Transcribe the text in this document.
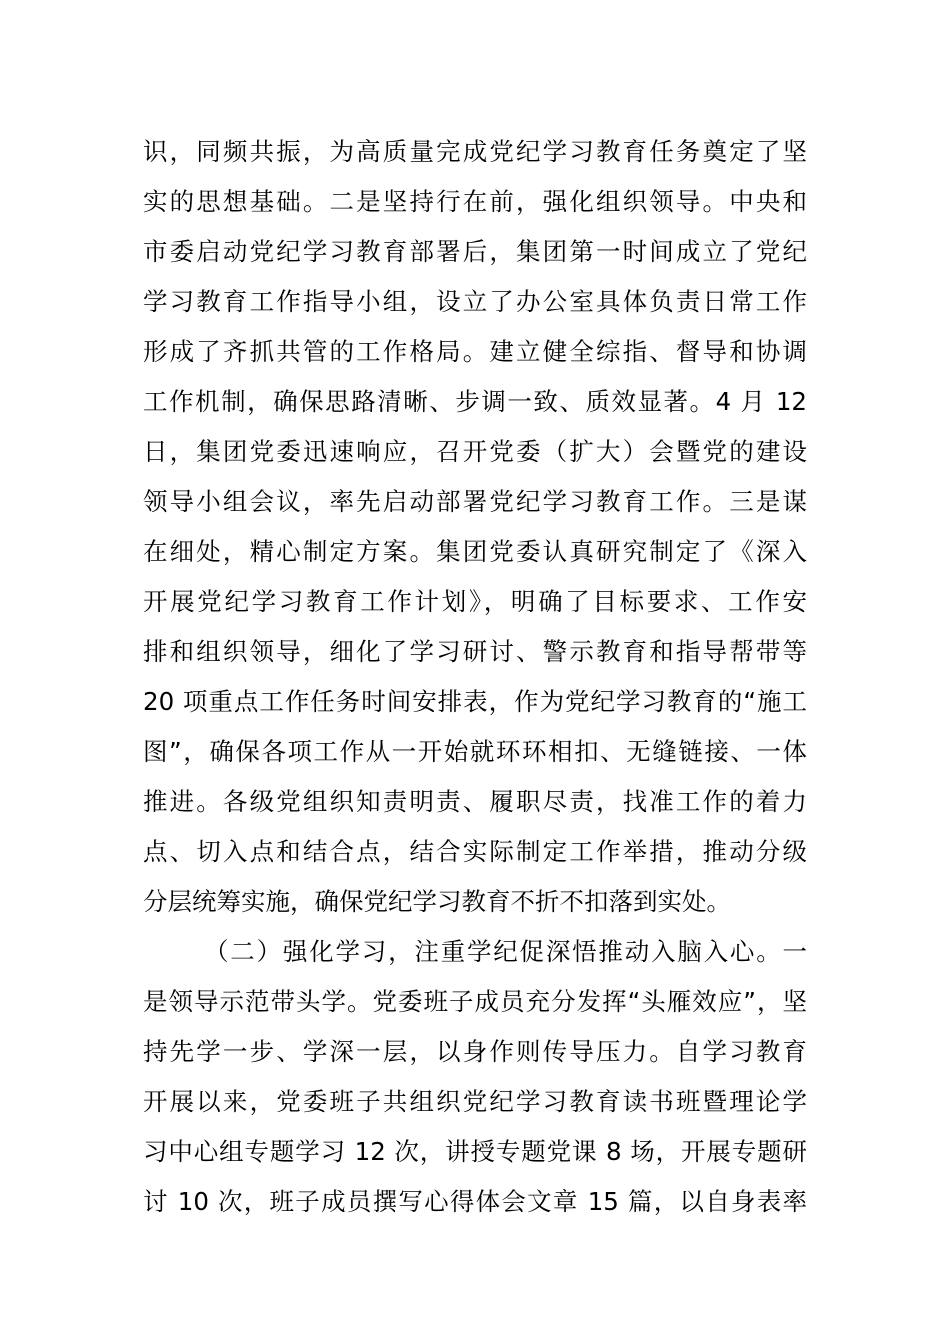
识，同频共振，为高质量完成党纪学习教育任务奠定了坚
实的思想基础。二是坚持行在前，强化组织领导。中央和
市委启动党纪学习教育部署后，集团第一时间成立了党纪
学习教育工作指导小组，设立了办公室具体负责日常工作
形成了齐抓共管的工作格局。建立健全综指、督导和协调
工作机制，确保思路清晰、步调一致、质效显著。4 月 12
日，集团党委迅速响应，召开党委（扩大）会暨党的建设
领导小组会议，率先启动部署党纪学习教育工作。三是谋
在细处，精心制定方案。集团党委认真研究制定了《深入
开展党纪学习教育工作计划》，明确了目标要求、工作安
排和组织领导，细化了学习研讨、警示教育和指导帮带等
20 项重点工作任务时间安排表，作为党纪学习教育的“施工
图”，确保各项工作从一开始就环环相扣、无缝链接、一体
推进。各级党组织知责明责、履职尽责，找准工作的着力
点、切入点和结合点，结合实际制定工作举措，推动分级
分层统筹实施，确保党纪学习教育不折不扣落到实处。
（二）强化学习，注重学纪促深悟推动入脑入心。一
是领导示范带头学。党委班子成员充分发挥“头雁效应”，坚
持先学一步、学深一层，以身作则传导压力。自学习教育
开展以来，党委班子共组织党纪学习教育读书班暨理论学
习中心组专题学习 12 次，讲授专题党课 8 场，开展专题研
讨 10 次，班子成员撰写心得体会文章 15 篇，以自身表率
